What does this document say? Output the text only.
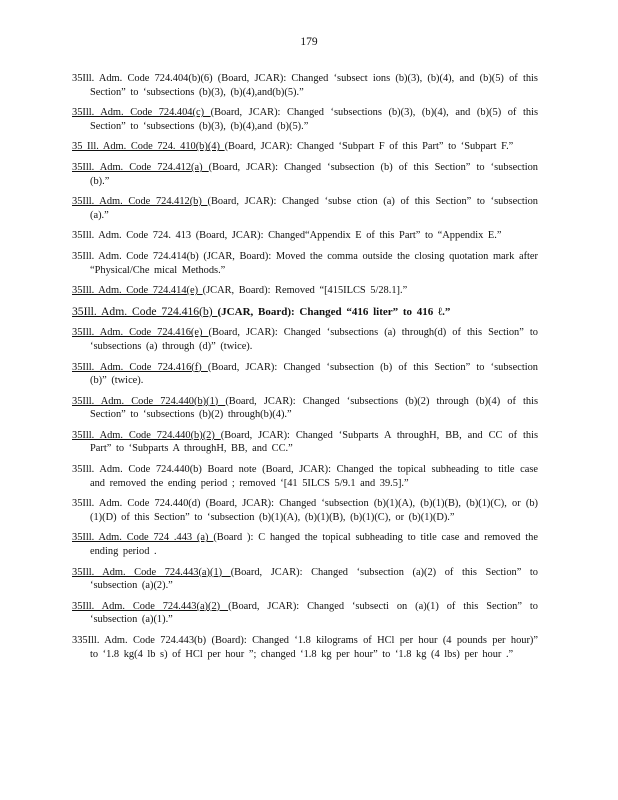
179

35Ill. Adm. Code 724.404(b)(6) (Board, JCAR): Changed ‘subsect ions (b)(3), (b)(4), and (b)(5) of this Section” to ‘subsections (b)(3), (b)(4),and(b)(5).”

35Ill. Adm. Code 724.404(c) (Board, JCAR): Changed ‘subsections (b)(3), (b)(4), and (b)(5) of this Section” to ‘subsections (b)(3), (b)(4),and (b)(5).”

35 Ill. Adm. Code 724. 410(b)(4) (Board, JCAR): Changed ‘Subpart F of this Part” to ‘Subpart F.”

35Ill. Adm. Code 724.412(a) (Board, JCAR): Changed ‘subsection (b) of this Section” to ‘subsection (b).”

35Ill. Adm. Code 724.412(b) (Board, JCAR): Changed ‘subse ction (a) of this Section” to ‘subsection (a).”

35Ill. Adm. Code 724. 413 (Board, JCAR): Changed“Appendix E of this Part” to “Appendix E.”

35Ill. Adm. Code 724.414(b) (JCAR, Board): Moved the comma outside the closing quotation mark after “Physical/Che mical Methods.”

35Ill. Adm. Code 724.414(e) (JCAR, Board): Removed “[415ILCS 5/28.1].”

35Ill. Adm. Code 724.416(b) (JCAR, Board): Changed “416 liter” to 416 ℓ.”

35Ill. Adm. Code 724.416(e) (Board, JCAR): Changed ‘subsections (a) through(d) of this Section” to ‘subsections (a) through (d)” (twice).

35Ill. Adm. Code 724.416(f) (Board, JCAR): Changed ‘subsection (b) of this Section” to ‘subsection (b)” (twice).

35Ill. Adm. Code 724.440(b)(1) (Board, JCAR): Changed ‘subsections (b)(2) through (b)(4) of this Section” to ‘subsections (b)(2) through(b)(4).”

35Ill. Adm. Code 724.440(b)(2) (Board, JCAR): Changed ‘Subparts A throughH, BB, and CC of this Part” to ‘Subparts A throughH, BB, and CC.”

35Ill. Adm. Code 724.440(b) Board note (Board, JCAR): Changed the topical subheading to title case and removed the ending period ; removed ‘[41 5ILCS 5/9.1 and 39.5].”

35Ill. Adm. Code 724.440(d) (Board, JCAR): Changed ‘subsection (b)(1)(A), (b)(1)(B), (b)(1)(C), or (b)(1)(D) of this Section” to ‘subsection (b)(1)(A), (b)(1)(B), (b)(1)(C), or (b)(1)(D).”

35Ill. Adm. Code 724 .443 (a) (Board ): C hanged the topical subheading to title case and removed the ending period .

35Ill. Adm. Code 724.443(a)(1) (Board, JCAR): Changed ‘subsection (a)(2) of this Section” to ‘subsection (a)(2).”

35Ill. Adm. Code 724.443(a)(2) (Board, JCAR): Changed ‘subsecti on (a)(1) of this Section” to ‘subsection (a)(1).”

335Ill. Adm. Code 724.443(b) (Board): Changed ‘1.8 kilograms of HCl per hour (4 pounds per hour)” to ‘1.8 kg(4 lb s) of HCl per hour ”; changed ‘1.8 kg per hour” to ‘1.8 kg (4 lbs) per hour .”
